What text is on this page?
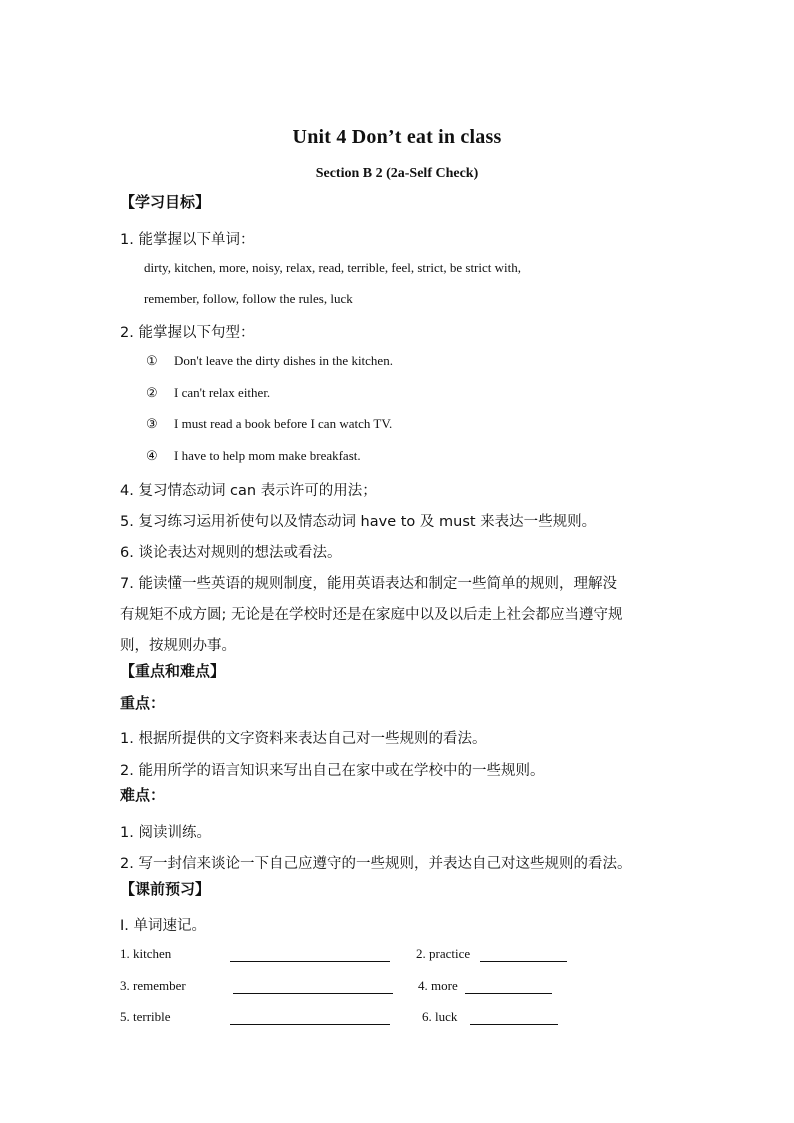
Unit 4 Don’t eat in class
Section B 2 (2a-Self Check)
【学习目标】
1. 能掌握以下单词：
dirty, kitchen, more, noisy, relax, read, terrible, feel, strict, be strict with,
remember, follow, follow the rules, luck
2. 能掌握以下句型：
① Don't leave the dirty dishes in the kitchen.
② I can't relax either.
③ I must read a book before I can watch TV.
④ I have to help mom make breakfast.
4. 复习情态动词 can 表示许可的用法；
5. 复习练习运用祈使句以及情态动词 have to 及 must 来表达一些规则。
6. 谈论表达对规则的想法或看法。
7. 能读懂一些英语的规则制度，能用英语表达和制定一些简单的规则，理解没
有规矩不成方圆; 无论是在学校时还是在家庭中以及以后走上社会都应当遵守规
则，按规则办事。
【重点和难点】
重点：
1. 根据所提供的文字资料来表达自己对一些规则的看法。
2. 能用所学的语言知识来写出自己在家中或在学校中的一些规则。
难点：
1. 阅读训练。
2. 写一封信来谈论一下自己应遵守的一些规则，并表达自己对这些规则的看法。
【课前预习】
I. 单词速记。
1. kitchen	2. practice
3. remember	4. more
5. terrible	6. luck
